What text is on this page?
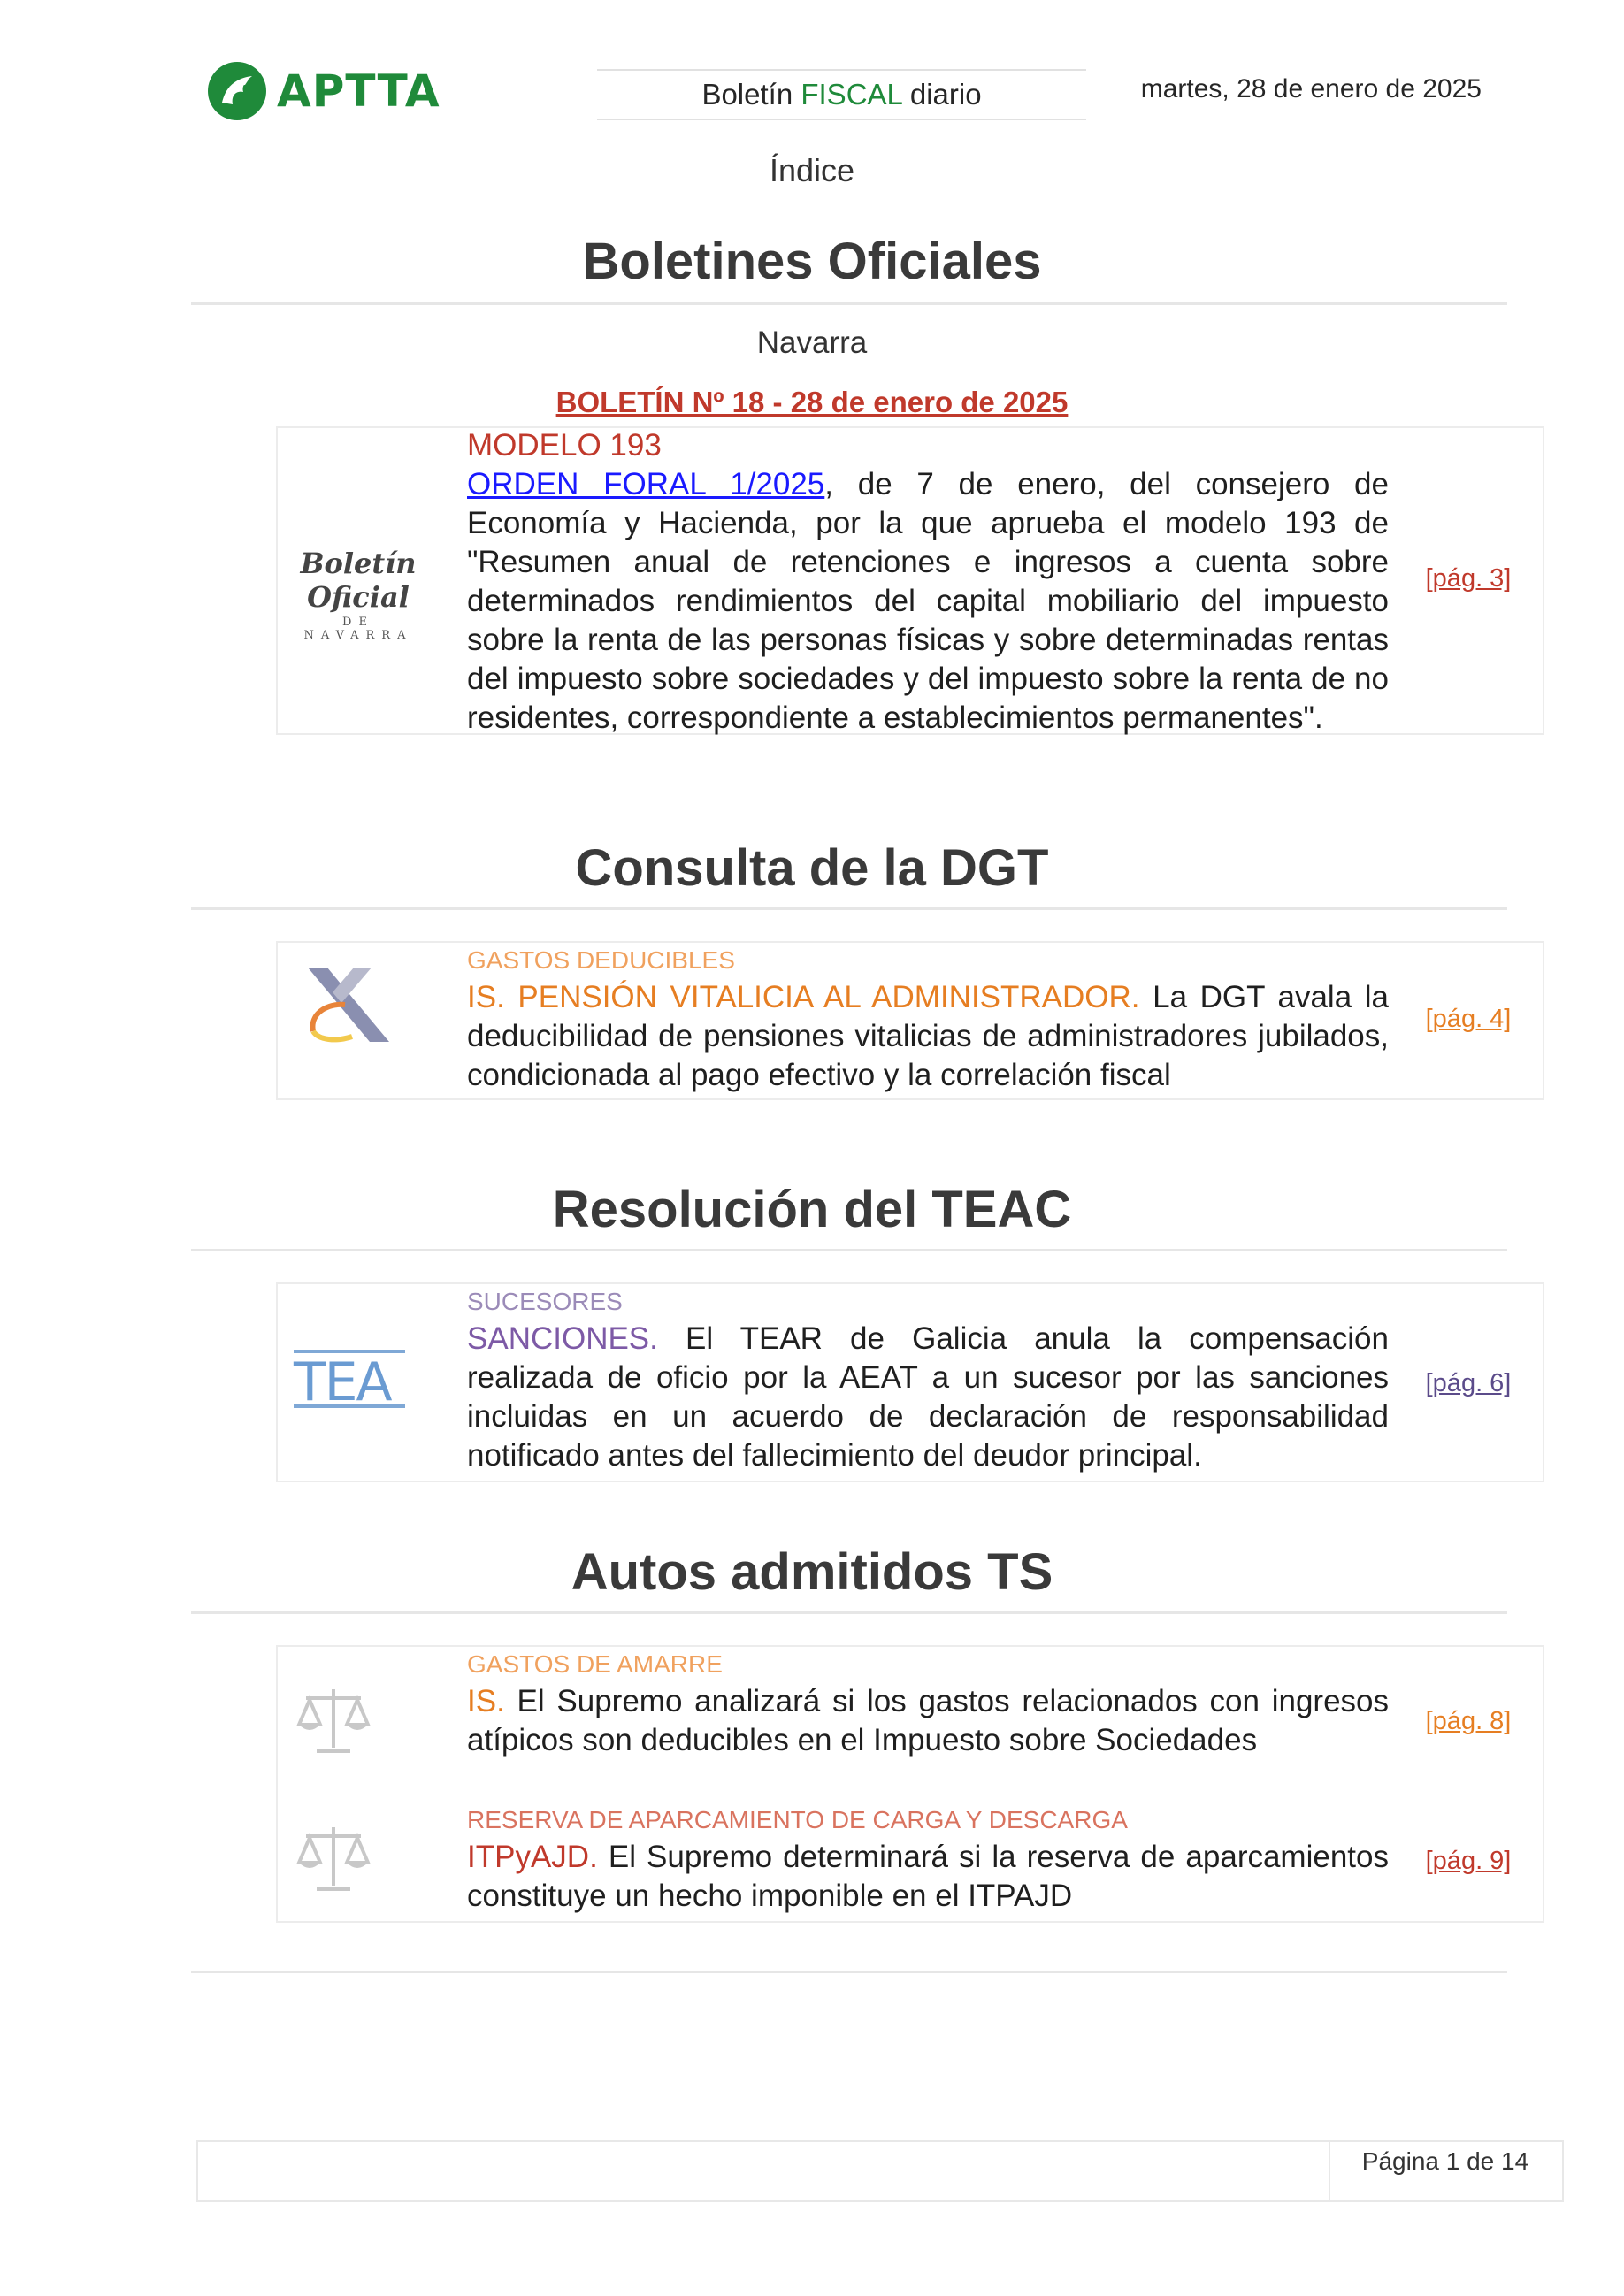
APTTA	Boletín FISCAL diario	martes, 28 de enero de 2025
Índice
Boletines Oficiales
Navarra
BOLETÍN Nº 18 - 28 de enero de 2025
Boletín Oficial
DE NAVARRA
MODELO 193
ORDEN FORAL 1/2025, de 7 de enero, del consejero de Economía y Hacienda, por la que aprueba el modelo 193 de "Resumen anual de retenciones e ingresos a cuenta sobre determinados rendimientos del capital mobiliario del impuesto sobre la renta de las personas físicas y sobre determinadas rentas del impuesto sobre sociedades y del impuesto sobre la renta de no residentes, correspondiente a establecimientos permanentes".
[pág. 3]
Consulta de la DGT
GASTOS DEDUCIBLES
IS. PENSIÓN VITALICIA AL ADMINISTRADOR. La DGT avala la deducibilidad de pensiones vitalicias de administradores jubilados, condicionada al pago efectivo y la correlación fiscal
[pág. 4]
Resolución del TEAC
TEA
SUCESORES
SANCIONES. El TEAR de Galicia anula la compensación realizada de oficio por la AEAT a un sucesor por las sanciones incluidas en un acuerdo de declaración de responsabilidad notificado antes del fallecimiento del deudor principal.
[pág. 6]
Autos admitidos TS
GASTOS DE AMARRE
IS. El Supremo analizará si los gastos relacionados con ingresos atípicos son deducibles en el Impuesto sobre Sociedades
[pág. 8]
RESERVA DE APARCAMIENTO DE CARGA Y DESCARGA
ITPyAJD. El Supremo determinará si la reserva de aparcamientos constituye un hecho imponible en el ITPAJD
[pág. 9]
Página 1 de 14
